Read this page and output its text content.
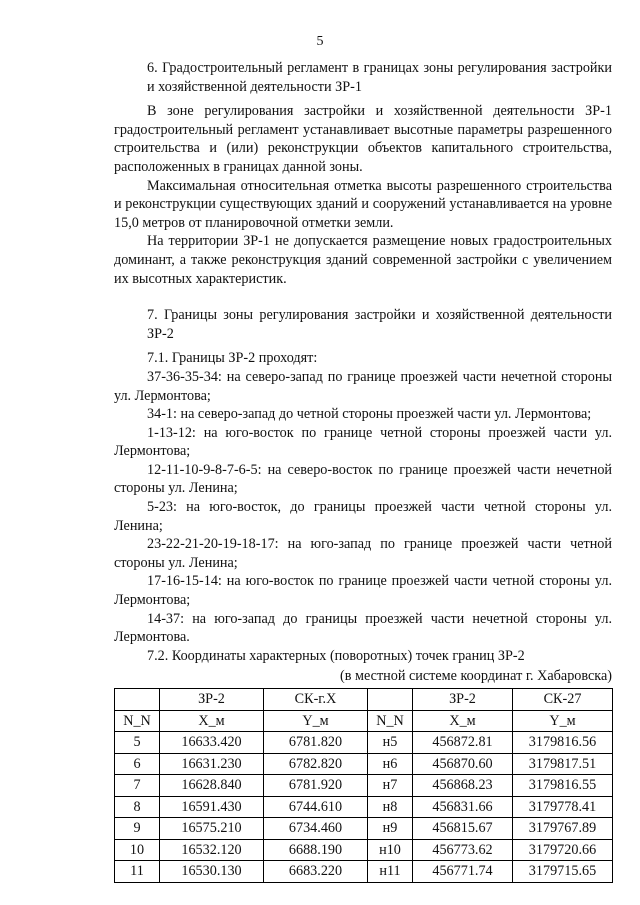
5

6. Градостроительный регламент в границах зоны регулирования застройки и хозяйственной деятельности ЗР-1

В зоне регулирования застройки и хозяйственной деятельности ЗР-1 градостроительный регламент устанавливает высотные параметры разрешенного строительства и (или) реконструкции объектов капитального строительства, расположенных в границах данной зоны.

Максимальная относительная отметка высоты разрешенного строительства и реконструкции существующих зданий и сооружений устанавливается на уровне 15,0 метров от планировочной отметки земли.

На территории ЗР-1 не допускается размещение новых градостроительных доминант, а также реконструкция зданий современной застройки с увеличением их высотных характеристик.

7. Границы зоны регулирования застройки и хозяйственной деятельности ЗР-2

7.1. Границы ЗР-2 проходят:

37-36-35-34: на северо-запад по границе проезжей части нечетной стороны ул. Лермонтова;

34-1: на северо-запад до четной стороны проезжей части ул. Лермонтова;

1-13-12: на юго-восток по границе четной стороны проезжей части ул. Лермонтова;

12-11-10-9-8-7-6-5: на северо-восток по границе проезжей части нечетной стороны ул. Ленина;

5-23: на юго-восток, до границы проезжей части четной стороны ул. Ленина;

23-22-21-20-19-18-17: на юго-запад по границе проезжей части четной стороны ул. Ленина;

17-16-15-14: на юго-восток по границе проезжей части четной стороны ул. Лермонтова;

14-37: на юго-запад до границы проезжей части нечетной стороны ул. Лермонтова.

7.2. Координаты характерных (поворотных) точек границ ЗР-2

(в местной системе координат г. Хабаровска)

	ЗР-2	СК-г.X		ЗР-2	СК-27
N_N	X_м	Y_м	N_N	X_м	Y_м
5	16633.420	6781.820	н5	456872.81	3179816.56
6	16631.230	6782.820	н6	456870.60	3179817.51
7	16628.840	6781.920	н7	456868.23	3179816.55
8	16591.430	6744.610	н8	456831.66	3179778.41
9	16575.210	6734.460	н9	456815.67	3179767.89
10	16532.120	6688.190	н10	456773.62	3179720.66
11	16530.130	6683.220	н11	456771.74	3179715.65
